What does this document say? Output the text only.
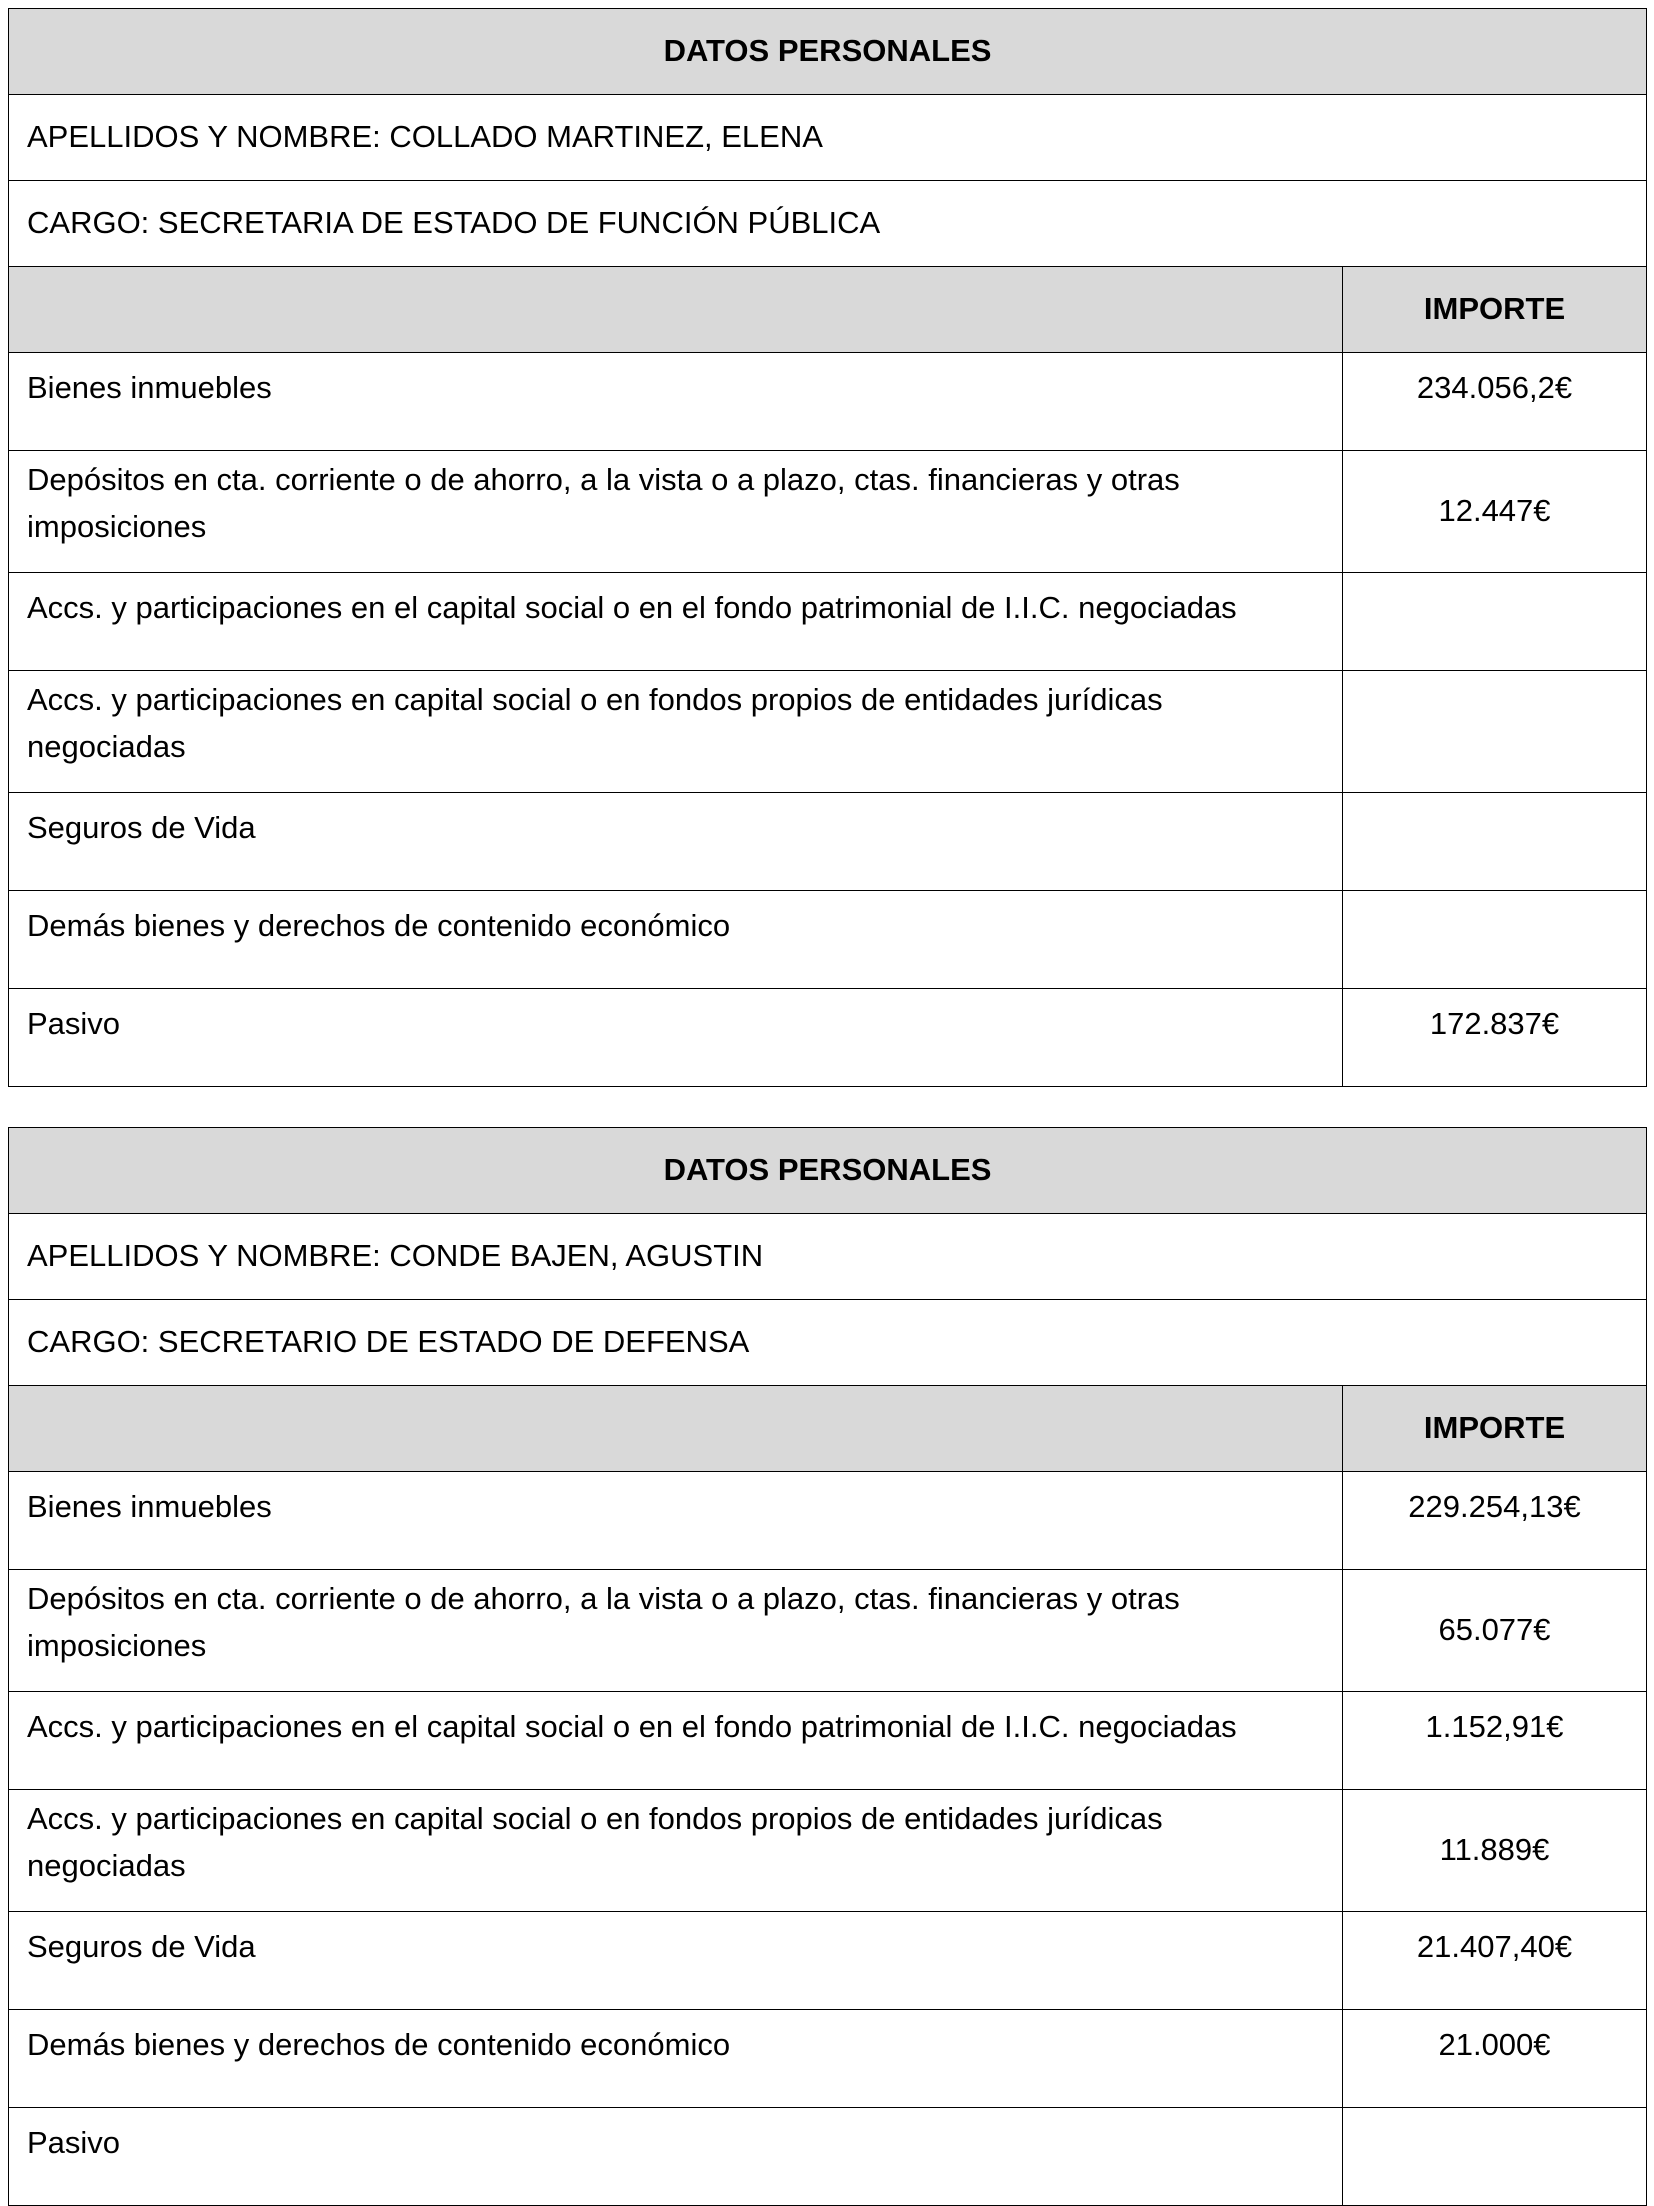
DATOS PERSONALES	
APELLIDOS Y NOMBRE: COLLADO MARTINEZ, ELENA	
CARGO: SECRETARIA DE ESTADO DE FUNCIÓN PÚBLICA	
	IMPORTE
Bienes inmuebles	234.056,2€
Depósitos en cta. corriente o de ahorro, a la vista o a plazo, ctas. financieras y otras imposiciones	12.447€
Accs. y participaciones en el capital social o en el fondo patrimonial de I.I.C. negociadas	
Accs. y participaciones en capital social o en fondos propios de entidades jurídicas negociadas	
Seguros de Vida	
Demás bienes y derechos de contenido económico	
Pasivo	172.837€
DATOS PERSONALES	
APELLIDOS Y NOMBRE: CONDE BAJEN, AGUSTIN	
CARGO: SECRETARIO DE ESTADO DE DEFENSA	
	IMPORTE
Bienes inmuebles	229.254,13€
Depósitos en cta. corriente o de ahorro, a la vista o a plazo, ctas. financieras y otras imposiciones	65.077€
Accs. y participaciones en el capital social o en el fondo patrimonial de I.I.C. negociadas	1.152,91€
Accs. y participaciones en capital social o en fondos propios de entidades jurídicas negociadas	11.889€
Seguros de Vida	21.407,40€
Demás bienes y derechos de contenido económico	21.000€
Pasivo	
